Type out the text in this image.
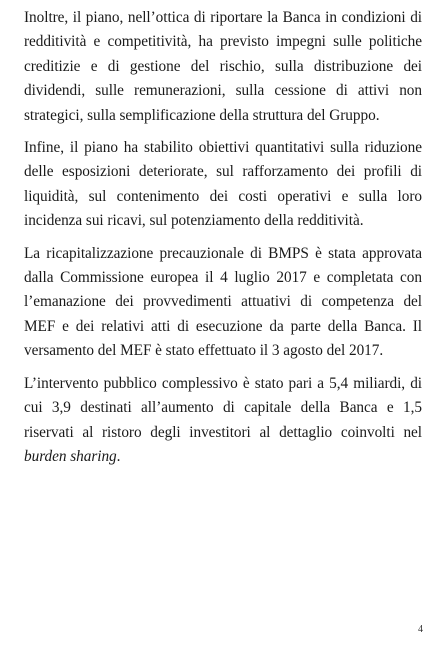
Inoltre, il piano, nell’ottica di riportare la Banca in condizioni di redditività e competitività, ha previsto impegni sulle politiche creditizie e di gestione del rischio, sulla distribuzione dei dividendi, sulle remunerazioni, sulla cessione di attivi non strategici, sulla semplificazione della struttura del Gruppo.

Infine, il piano ha stabilito obiettivi quantitativi sulla riduzione delle esposizioni deteriorate, sul rafforzamento dei profili di liquidità, sul contenimento dei costi operativi e sulla loro incidenza sui ricavi, sul potenziamento della redditività.

La ricapitalizzazione precauzionale di BMPS è stata approvata dalla Commissione europea il 4 luglio 2017 e completata con l’emanazione dei provvedimenti attuativi di competenza del MEF e dei relativi atti di esecuzione da parte della Banca. Il versamento del MEF è stato effettuato il 3 agosto del 2017.

L’intervento pubblico complessivo è stato pari a 5,4 miliardi, di cui 3,9 destinati all’aumento di capitale della Banca e 1,5 riservati al ristoro degli investitori al dettaglio coinvolti nel burden sharing.

4
